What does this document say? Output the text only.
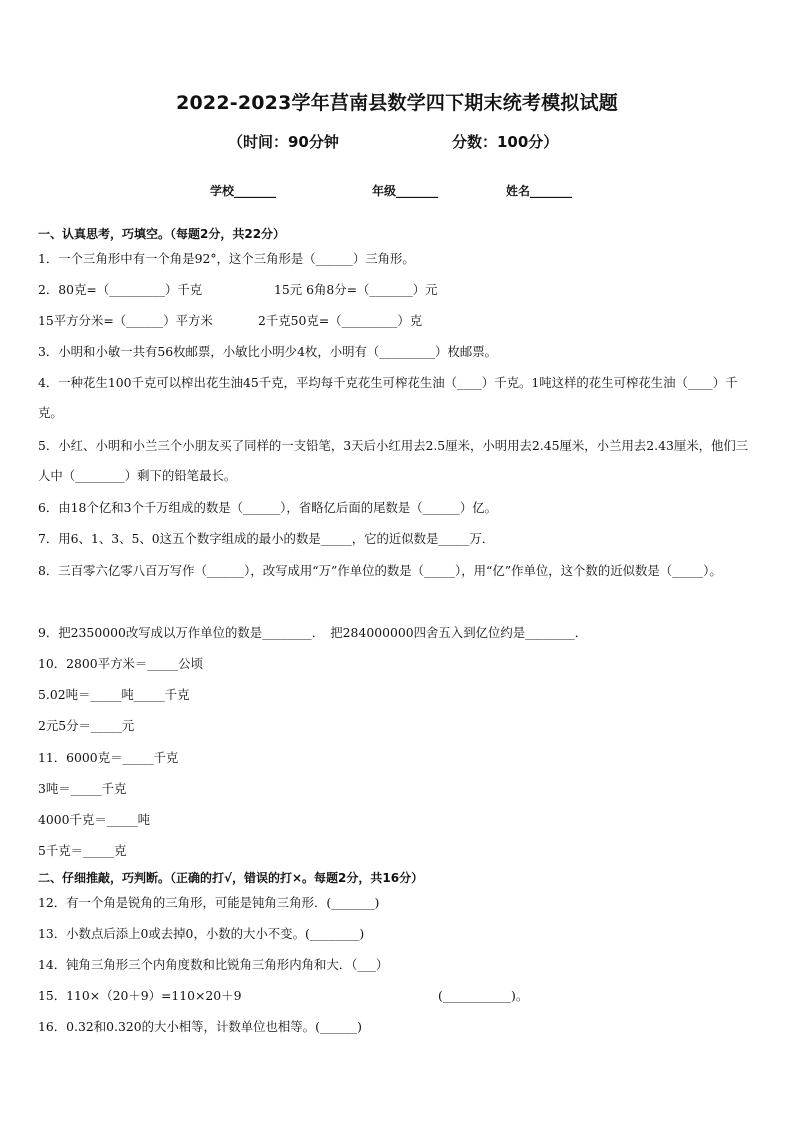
2022-2023学年莒南县数学四下期末统考模拟试题
（时间：90分钟	分数：100分）
学校_______	年级_______	姓名_______
一、认真思考，巧填空。（每题2分，共22分）
1．一个三角形中有一个角是92°，这个三角形是（______）三角形。
2．80克=（_________）千克	15元 6角8分=（_______）元
15平方分米=（______）平方米	2千克50克=（_________）克
3．小明和小敏一共有56枚邮票，小敏比小明少4枚，小明有（_________）枚邮票。
4．一种花生100千克可以榨出花生油45千克，平均每千克花生可榨花生油（____）千克。1吨这样的花生可榨花生油（____）千克。
5．小红、小明和小兰三个小朋友买了同样的一支铅笔，3天后小红用去2.5厘米，小明用去2.45厘米，小兰用去2.43厘米，他们三人中（________）剩下的铅笔最长。
6．由18个亿和3个千万组成的数是（______），省略亿后面的尾数是（______）亿。
7．用6、1、3、5、0这五个数字组成的最小的数是_____，它的近似数是_____万．
8．三百零六亿零八百万写作（______），改写成用“万”作单位的数是（_____），用“亿”作单位，这个数的近似数是（_____）。
9．把2350000改写成以万作单位的数是________．　把284000000四舍五入到亿位约是________．
10．2800平方米＝_____公顷
5.02吨＝_____吨_____千克
2元5分＝_____元
11．6000克＝_____千克
3吨＝_____千克
4000千克＝_____吨
5千克＝_____克
二、仔细推敲，巧判断。（正确的打√，错误的打×。每题2分，共16分）
12．有一个角是锐角的三角形，可能是钝角三角形．(_______)
13．小数点后添上0或去掉0，小数的大小不变。(________)
14．钝角三角形三个内角度数和比锐角三角形内角和大．（___）
15．110×（20＋9）=110×20＋9	(___________)。
16．0.32和0.320的大小相等，计数单位也相等。(______)
